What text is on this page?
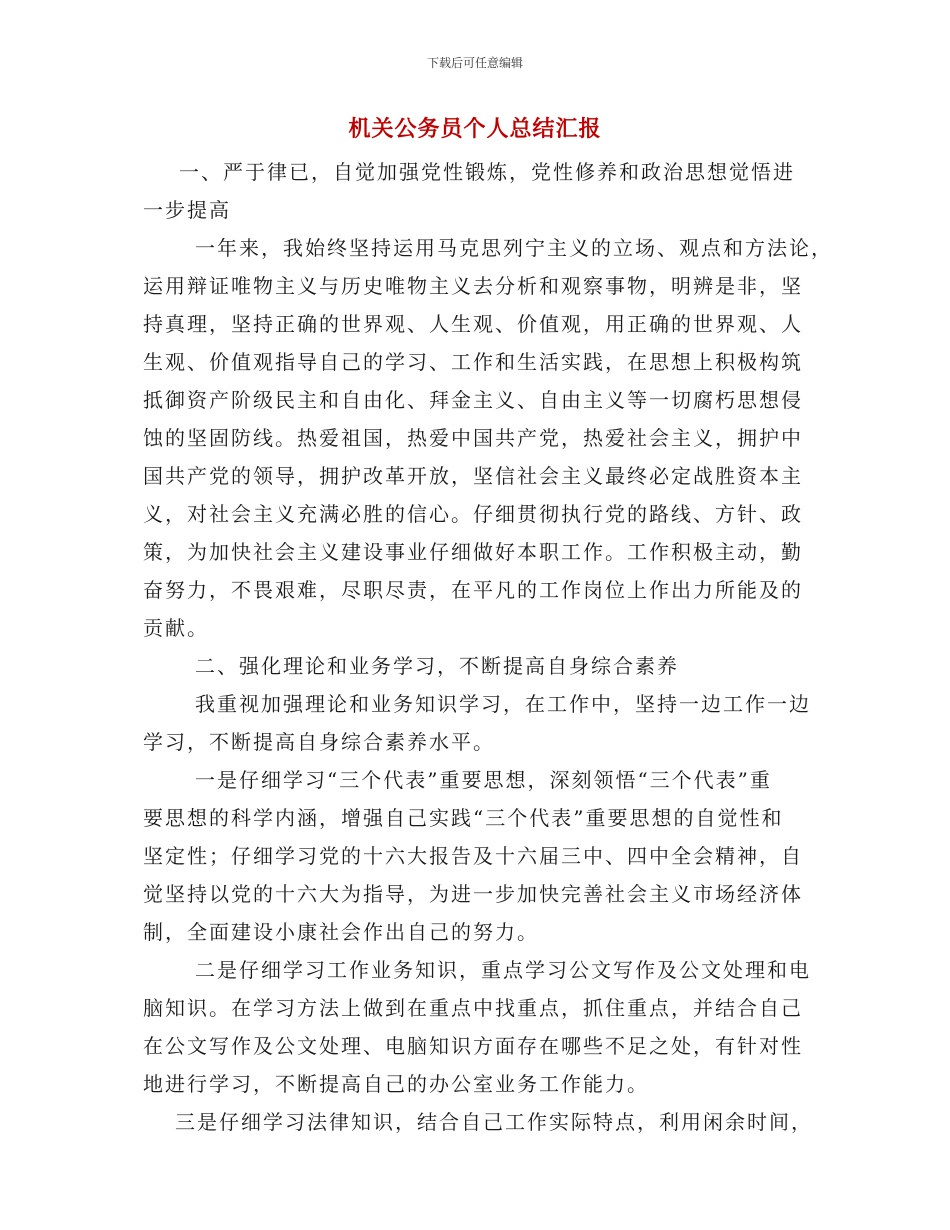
下载后可任意编辑
机关公务员个人总结汇报
一、严于律已，自觉加强党性锻炼，党性修养和政治思想觉悟进
一步提高
一年来，我始终坚持运用马克思列宁主义的立场、观点和方法论，
运用辩证唯物主义与历史唯物主义去分析和观察事物，明辨是非，坚
持真理，坚持正确的世界观、人生观、价值观，用正确的世界观、人
生观、价值观指导自己的学习、工作和生活实践，在思想上积极构筑
抵御资产阶级民主和自由化、拜金主义、自由主义等一切腐朽思想侵
蚀的坚固防线。热爱祖国，热爱中国共产党，热爱社会主义，拥护中
国共产党的领导，拥护改革开放，坚信社会主义最终必定战胜资本主
义，对社会主义充满必胜的信心。仔细贯彻执行党的路线、方针、政
策，为加快社会主义建设事业仔细做好本职工作。工作积极主动，勤
奋努力，不畏艰难，尽职尽责，在平凡的工作岗位上作出力所能及的
贡献。
二、强化理论和业务学习，不断提高自身综合素养
我重视加强理论和业务知识学习，在工作中，坚持一边工作一边
学习，不断提高自身综合素养水平。
一是仔细学习“三个代表”重要思想，深刻领悟“三个代表”重
要思想的科学内涵，增强自己实践“三个代表”重要思想的自觉性和
坚定性；仔细学习党的十六大报告及十六届三中、四中全会精神，自
觉坚持以党的十六大为指导，为进一步加快完善社会主义市场经济体
制，全面建设小康社会作出自己的努力。
二是仔细学习工作业务知识，重点学习公文写作及公文处理和电
脑知识。在学习方法上做到在重点中找重点，抓住重点，并结合自己
在公文写作及公文处理、电脑知识方面存在哪些不足之处，有针对性
地进行学习，不断提高自己的办公室业务工作能力。
三是仔细学习法律知识，结合自己工作实际特点，利用闲余时间，
